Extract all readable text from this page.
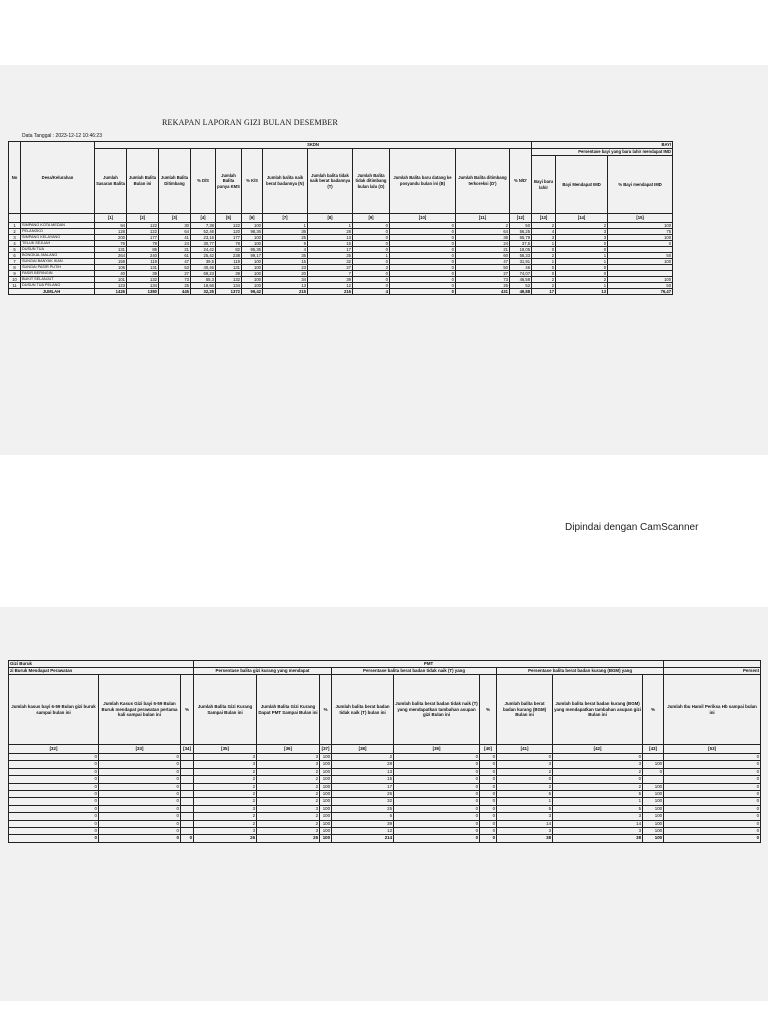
REKAPAN LAPORAN GIZI BULAN DESEMBER
Data Tanggal : 2023-12-12 10:46:23
No	Desa/Kelurahan	SKDN												BAYI		
		Jumlah Sasaran Balita	Jumlah Balita Bulan ini	Jumlah Balita Ditimbang	% D/S	Jumlah Balita punya KMS	% K/S	Jumlah balita naik berat badannya (N)	Jumlah balita tidak naik berat badannya (T)	Jumlah Balita tidak ditimbang bulan lalu (O)	Jumlah Balita baru datang ke posyandu bulan ini (B)	Jumlah Balita ditimbang terkoreksi (D')	% N/D'	Persentase bayi yang baru lahir mendapat IMD		
														Bayi baru lahir	Bayi Mendapat IMD	% Bayi mendapat IMD
		[1]	[2]	[3]	[4]	[5]	[6]	[7]	[8]	[9]	[10]	[11]	[12]	[13]	[14]	[15]
1	SIMPANG KOTA MEDAN	94	122	30	7,38	122	100	1	1	0	0	2	50	2	2	100
2	PELANGKO	128	122	64	52,46	120	98,36	36	28	0	0	64	56,25	4	3	75
3	SIMPANG KELAYANG	200	177	41	23,16	177	100	25	13	0	0	38	65,79	3	3	100
4	TELUK SEJUAH	76	78	24	30,77	78	100	9	15	0	0	24	37,5	1	0	0
5	DUSUN TUA	131	86	21	24,42	82	95,35	4	17	0	0	21	19,05	0	0	
6	BONGKAL MALANG	264	240	61	25,42	238	99,17	35	25	1	0	60	58,33	2	1	50
7	SUNGAI BANYAK IKAN	159	119	47	39,5	119	100	15	32	0	0	47	31,91	1	1	100
8	SUNGAI PASIR PUTIH	106	131	53	40,46	131	100	23	27	3	0	50	46	0	0	
9	PASIR BERINGIN	40	39	27	69,23	39	100	20	7	0	0	27	74,07	0	0	
10	BUKIT SELANJUT	101	132	73	55,3	132	100	34	39	0	0	73	46,58	2	2	100
11	DUSUN TUA PELANG	123	134	25	18,66	134	100	13	12	0	0	25	52	2	1	50
JUMLAH		1426	1380	445	32,25	1372	99,42	215	216	4	0	431	49,88	17	13	76,47
Dipindai dengan CamScanner
Gizi Buruk			PMT									
zi Buruk Mendapat Perawatan			Persentase balita gizi kurang yang mendapat			Persentase balita berat badan tidak naik (T) yang			Persentase balita berat badan kurang (BGM) yang			Persent
Jumlah kasus bayi 6-59 Bulan gizi buruk sampai bulan ini	Jumlah Kasus Gizi bayi 6-59 Bulan Buruk mendapat perawatan pertama kali sampai bulan ini	%	Jumlah Balita Gizi Kurang Sampai Bulan ini	Jumlah Balita Gizi Kurang Dapat PMT Sampai Bulan ini	%	Jumlah balita berat badan tidak naik (T) bulan ini	Jumlah balita berat badan tidak naik (T) yang mendapatkan tambahan asupan gizi Bulan ini	%	Jumlah balita berat badan kurang (BGM) Bulan ini	Jumlah balita berat badan kurang (BGM) yang mendapatkan tambahan asupan gizi Bulan ini	%	Jumlah Ibu Hamil Periksa Hb sampai bulan ini
[32]	[33]	[34]	[35]	[36]	[37]	[38]	[39]	[40]	[41]	[42]	[43]	[53]
0	0		3	3	100	2	0	0	0	0		0
0	0		3	3	100	28	0	0	3	3	100	0
0	0		2	2	100	13	0	0	2	2	0	0
0	0		2	2	100	15	0	0	0	0		0
0	0		2	2	100	17	0	0	2	2	100	0
0	0		2	2	100	25	0	0	5	5	100	0
0	0		2	2	100	32	0	0	1	1	100	0
0	0		3	3	100	25	0	0	5	5	100	0
0	0		2	2	100	6	0	0	3	3	100	0
0	0		2	2	100	39	0	0	14	14	100	0
0	0		3	3	100	12	0	0	3	3	100	0
0	0	0	26	26	100	214	0	0	38	38	100	0
